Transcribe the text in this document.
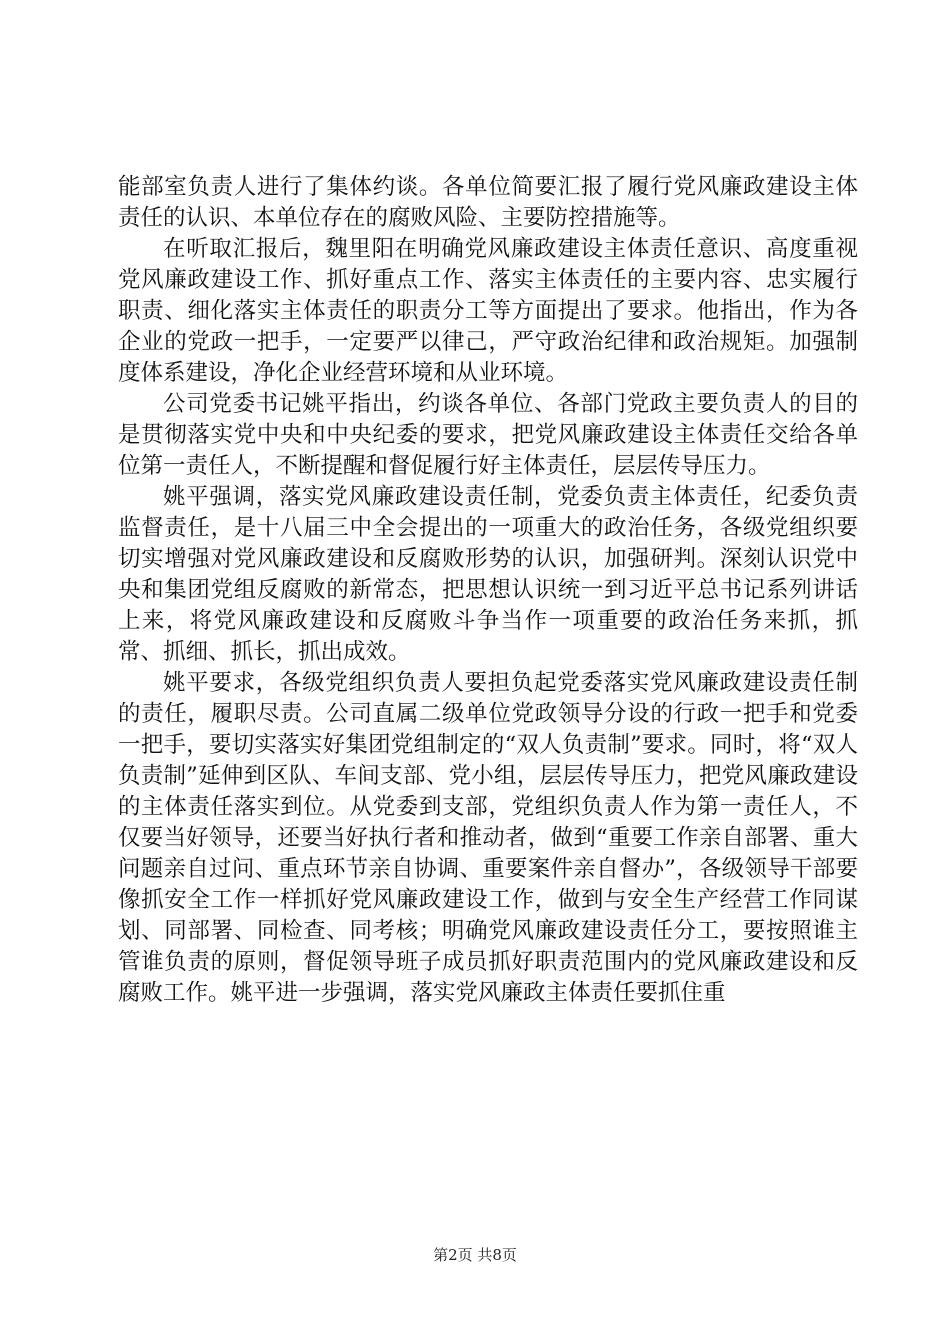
能部室负责人进行了集体约谈。各单位简要汇报了履行党风廉政建设主体责任的认识、本单位存在的腐败风险、主要防控措施等。

在听取汇报后，魏里阳在明确党风廉政建设主体责任意识、高度重视党风廉政建设工作、抓好重点工作、落实主体责任的主要内容、忠实履行职责、细化落实主体责任的职责分工等方面提出了要求。他指出，作为各企业的党政一把手，一定要严以律己，严守政治纪律和政治规矩。加强制度体系建设，净化企业经营环境和从业环境。

公司党委书记姚平指出，约谈各单位、各部门党政主要负责人的目的是贯彻落实党中央和中央纪委的要求，把党风廉政建设主体责任交给各单位第一责任人，不断提醒和督促履行好主体责任，层层传导压力。

姚平强调，落实党风廉政建设责任制，党委负责主体责任，纪委负责监督责任，是十八届三中全会提出的一项重大的政治任务，各级党组织要切实增强对党风廉政建设和反腐败形势的认识，加强研判。深刻认识党中央和集团党组反腐败的新常态，把思想认识统一到习近平总书记系列讲话上来，将党风廉政建设和反腐败斗争当作一项重要的政治任务来抓，抓常、抓细、抓长，抓出成效。

姚平要求，各级党组织负责人要担负起党委落实党风廉政建设责任制的责任，履职尽责。公司直属二级单位党政领导分设的行政一把手和党委一把手，要切实落实好集团党组制定的“双人负责制”要求。同时，将“双人负责制”延伸到区队、车间支部、党小组，层层传导压力，把党风廉政建设的主体责任落实到位。从党委到支部，党组织负责人作为第一责任人，不仅要当好领导，还要当好执行者和推动者，做到“重要工作亲自部署、重大问题亲自过问、重点环节亲自协调、重要案件亲自督办”，各级领导干部要像抓安全工作一样抓好党风廉政建设工作，做到与安全生产经营工作同谋划、同部署、同检查、同考核；明确党风廉政建设责任分工，要按照谁主管谁负责的原则，督促领导班子成员抓好职责范围内的党风廉政建设和反腐败工作。姚平进一步强调，落实党风廉政主体责任要抓住重

第2页 共8页
